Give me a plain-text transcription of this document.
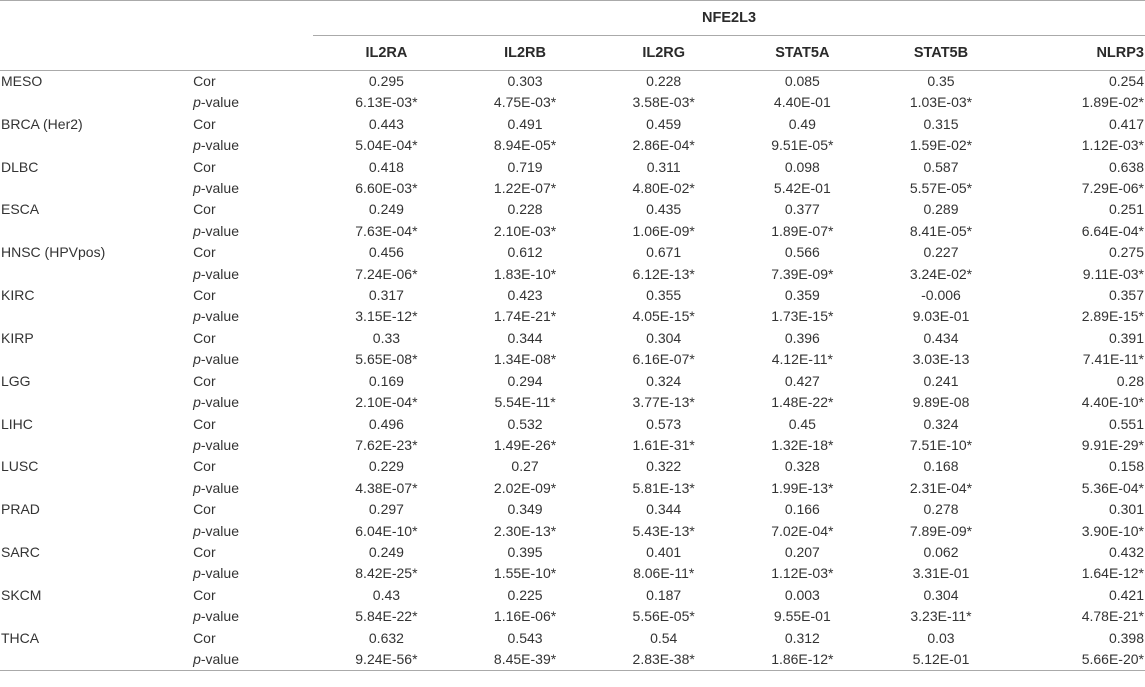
		NFE2L3					
		IL2RA	IL2RB	IL2RG	STAT5A	STAT5B	NLRP3
MESO	Cor	0.295	0.303	0.228	0.085	0.35	0.254
	p-value	6.13E-03*	4.75E-03*	3.58E-03*	4.40E-01	1.03E-03*	1.89E-02*
BRCA (Her2)	Cor	0.443	0.491	0.459	0.49	0.315	0.417
	p-value	5.04E-04*	8.94E-05*	2.86E-04*	9.51E-05*	1.59E-02*	1.12E-03*
DLBC	Cor	0.418	0.719	0.311	0.098	0.587	0.638
	p-value	6.60E-03*	1.22E-07*	4.80E-02*	5.42E-01	5.57E-05*	7.29E-06*
ESCA	Cor	0.249	0.228	0.435	0.377	0.289	0.251
	p-value	7.63E-04*	2.10E-03*	1.06E-09*	1.89E-07*	8.41E-05*	6.64E-04*
HNSC (HPVpos)	Cor	0.456	0.612	0.671	0.566	0.227	0.275
	p-value	7.24E-06*	1.83E-10*	6.12E-13*	7.39E-09*	3.24E-02*	9.11E-03*
KIRC	Cor	0.317	0.423	0.355	0.359	-0.006	0.357
	p-value	3.15E-12*	1.74E-21*	4.05E-15*	1.73E-15*	9.03E-01	2.89E-15*
KIRP	Cor	0.33	0.344	0.304	0.396	0.434	0.391
	p-value	5.65E-08*	1.34E-08*	6.16E-07*	4.12E-11*	3.03E-13	7.41E-11*
LGG	Cor	0.169	0.294	0.324	0.427	0.241	0.28
	p-value	2.10E-04*	5.54E-11*	3.77E-13*	1.48E-22*	9.89E-08	4.40E-10*
LIHC	Cor	0.496	0.532	0.573	0.45	0.324	0.551
	p-value	7.62E-23*	1.49E-26*	1.61E-31*	1.32E-18*	7.51E-10*	9.91E-29*
LUSC	Cor	0.229	0.27	0.322	0.328	0.168	0.158
	p-value	4.38E-07*	2.02E-09*	5.81E-13*	1.99E-13*	2.31E-04*	5.36E-04*
PRAD	Cor	0.297	0.349	0.344	0.166	0.278	0.301
	p-value	6.04E-10*	2.30E-13*	5.43E-13*	7.02E-04*	7.89E-09*	3.90E-10*
SARC	Cor	0.249	0.395	0.401	0.207	0.062	0.432
	p-value	8.42E-25*	1.55E-10*	8.06E-11*	1.12E-03*	3.31E-01	1.64E-12*
SKCM	Cor	0.43	0.225	0.187	0.003	0.304	0.421
	p-value	5.84E-22*	1.16E-06*	5.56E-05*	9.55E-01	3.23E-11*	4.78E-21*
THCA	Cor	0.632	0.543	0.54	0.312	0.03	0.398
	p-value	9.24E-56*	8.45E-39*	2.83E-38*	1.86E-12*	5.12E-01	5.66E-20*
